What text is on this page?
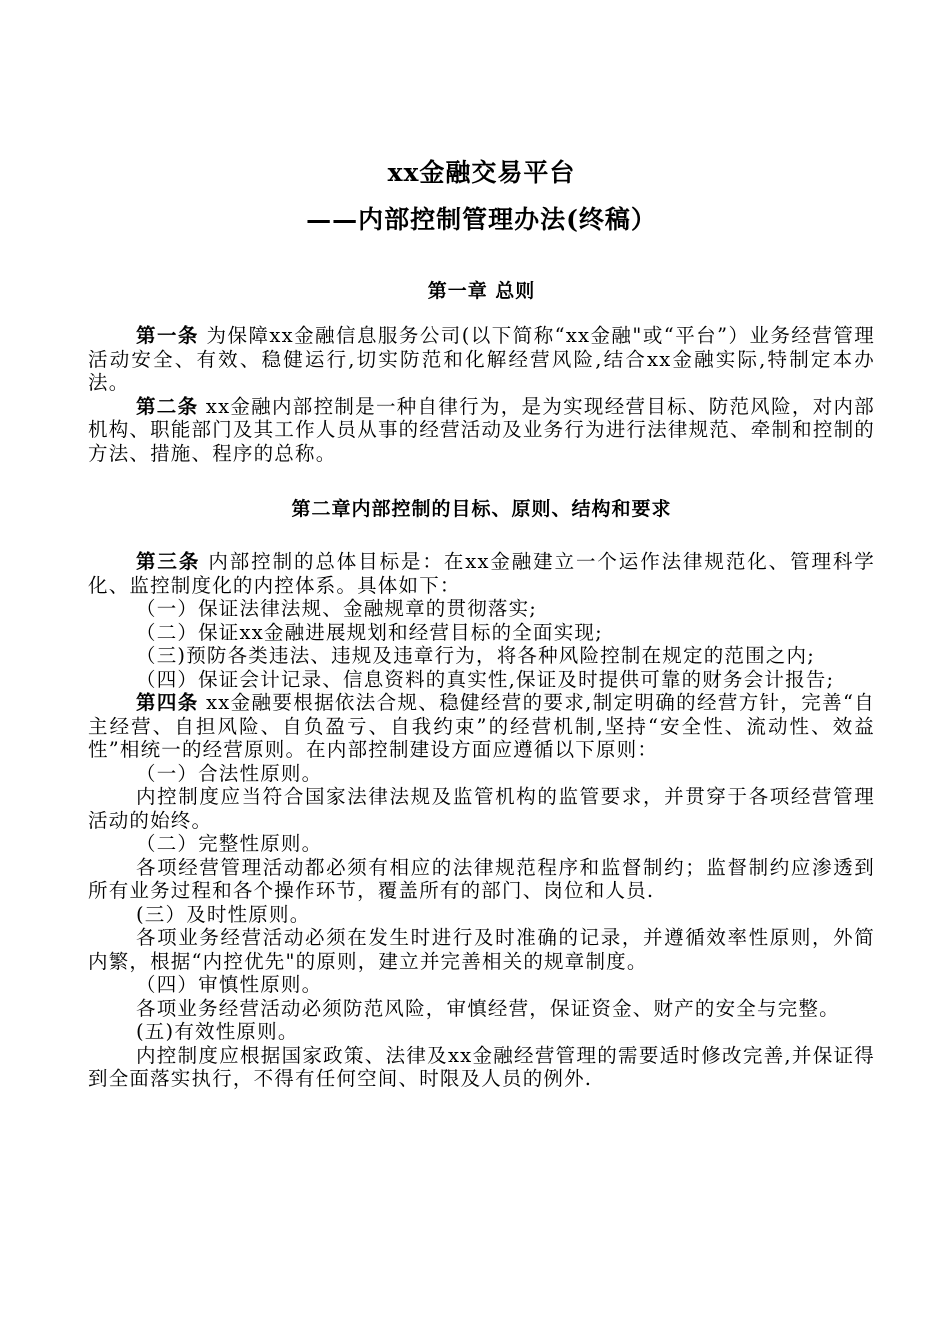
xx金融交易平台

——内部控制管理办法(终稿）

第一章 总则

第一条 为保障xx金融信息服务公司(以下简称“xx金融"或“平台”）业务经营管理活动安全、有效、稳健运行,切实防范和化解经营风险,结合xx金融实际,特制定本办法。

第二条 xx金融内部控制是一种自律行为，是为实现经营目标、防范风险，对内部机构、职能部门及其工作人员从事的经营活动及业务行为进行法律规范、牵制和控制的方法、措施、程序的总称。

第二章内部控制的目标、原则、结构和要求

第三条 内部控制的总体目标是：在xx金融建立一个运作法律规范化、管理科学化、监控制度化的内控体系。具体如下：

（一）保证法律法规、金融规章的贯彻落实;

（二）保证xx金融进展规划和经营目标的全面实现;

（三)预防各类违法、违规及违章行为，将各种风险控制在规定的范围之内;

（四）保证会计记录、信息资料的真实性,保证及时提供可靠的财务会计报告;

第四条 xx金融要根据依法合规、稳健经营的要求,制定明确的经营方针，完善“自主经营、自担风险、自负盈亏、自我约束”的经营机制,坚持“安全性、流动性、效益性”相统一的经营原则。在内部控制建设方面应遵循以下原则：

（一）合法性原则。

内控制度应当符合国家法律法规及监管机构的监管要求，并贯穿于各项经营管理活动的始终。

（二）完整性原则。

各项经营管理活动都必须有相应的法律规范程序和监督制约；监督制约应渗透到所有业务过程和各个操作环节，覆盖所有的部门、岗位和人员.

(三）及时性原则。

各项业务经营活动必须在发生时进行及时准确的记录，并遵循效率性原则，外简内繁，根据“内控优先"的原则，建立并完善相关的规章制度。

（四）审慎性原则。

各项业务经营活动必须防范风险，审慎经营，保证资金、财产的安全与完整。

(五)有效性原则。

内控制度应根据国家政策、法律及xx金融经营管理的需要适时修改完善,并保证得到全面落实执行，不得有任何空间、时限及人员的例外.
